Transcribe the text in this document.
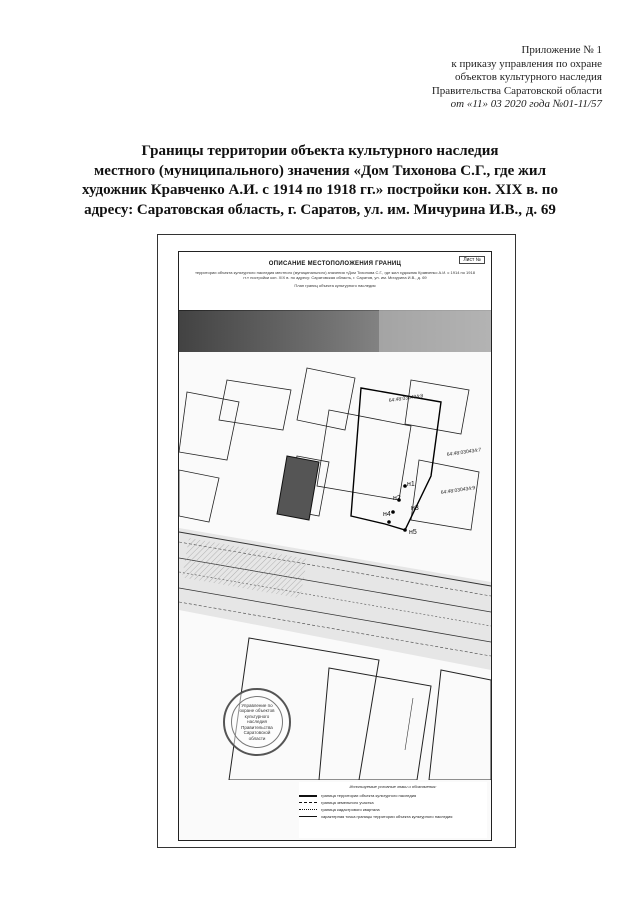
Приложение № 1
к приказу управления по охране
объектов культурного наследия
Правительства Саратовской области
от «11» 03 2020 года №01-11/57
Границы территории объекта культурного наследия
местного (муниципального) значения «Дом Тихонова С.Г., где жил
художник Кравченко А.И. с 1914 по 1918 гг.» постройки кон. XIX в. по
адресу: Саратовская область, г. Саратов, ул. им. Мичурина И.В., д. 69
Лист №
ОПИСАНИЕ МЕСТОПОЛОЖЕНИЯ ГРАНИЦ
территории объекта культурного наследия местного (муниципального) значения «Дом Тихонова С.Г., где жил художник Кравченко А.И. с 1914 по 1918 гг.» постройки кон. XIX в. по адресу: Саратовская область, г. Саратов, ул. им. Мичурина И.В., д. 69
План границ объекта культурного наследия
н1
н2
н3
н4
н5
64:48:030434:8
64:48:030434:7
64:48:030434:9
Управление по охране объектов культурного наследия Правительства Саратовской области
Используемые условные знаки и обозначения:
граница территории объекта культурного наследия
граница земельного участка
граница кадастрового квартала
характерная точка границы территории объекта культурного наследия
